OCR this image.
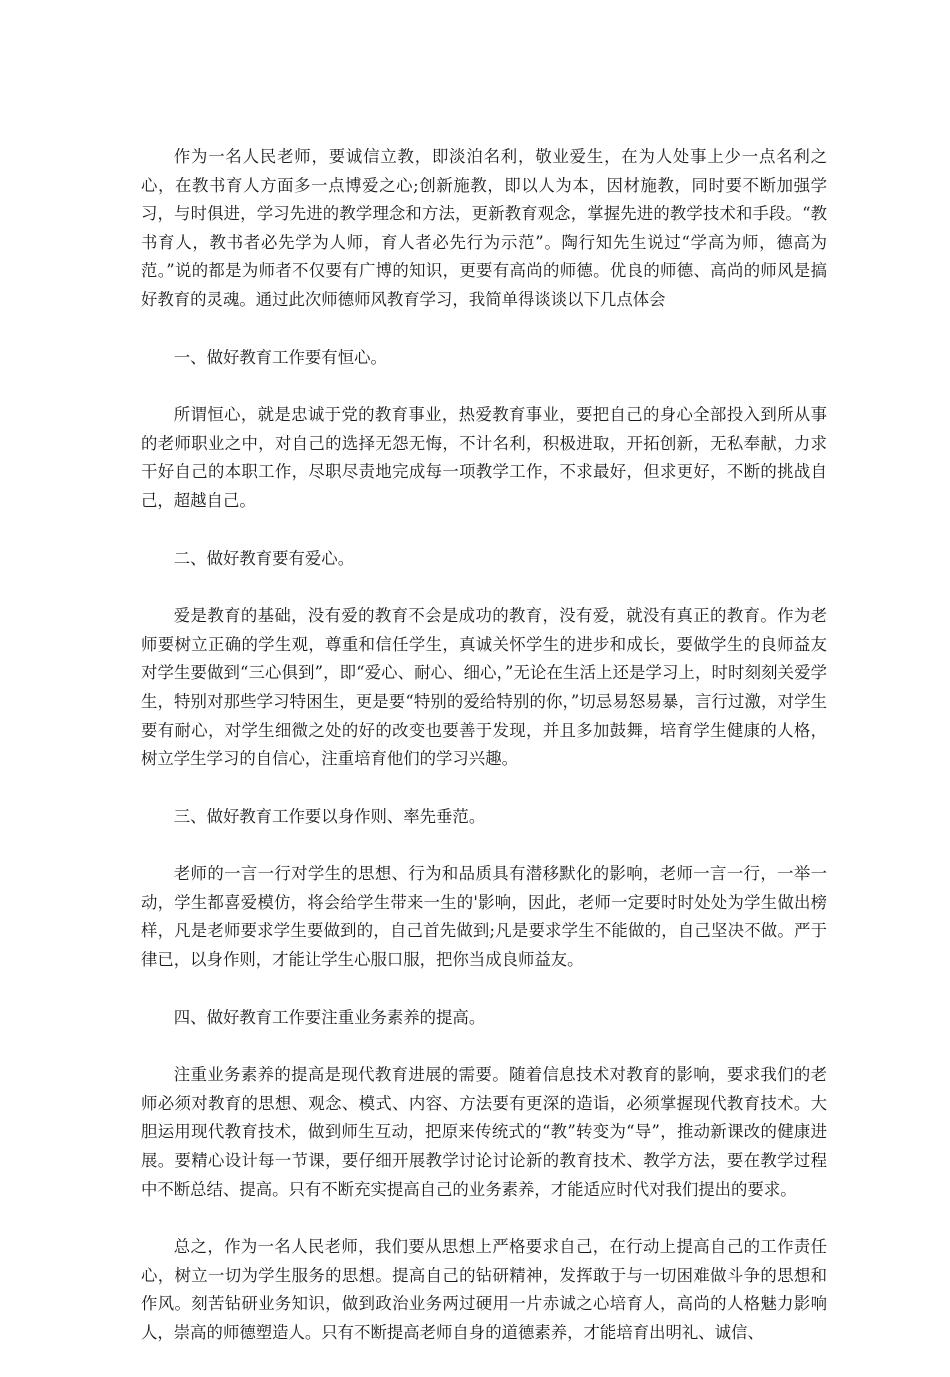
作为一名人民老师，要诚信立教，即淡泊名利，敬业爱生，在为人处事上少一点名利之心，在教书育人方面多一点博爱之心;创新施教，即以人为本，因材施教，同时要不断加强学习，与时俱进，学习先进的教学理念和方法，更新教育观念，掌握先进的教学技术和手段。“教书育人，教书者必先学为人师，育人者必先行为示范”。陶行知先生说过“学高为师，德高为范。”说的都是为师者不仅要有广博的知识，更要有高尚的师德。优良的师德、高尚的师风是搞好教育的灵魂。通过此次师德师风教育学习，我简单得谈谈以下几点体会

一、做好教育工作要有恒心。

所谓恒心，就是忠诚于党的教育事业，热爱教育事业，要把自己的身心全部投入到所从事的老师职业之中，对自己的选择无怨无悔，不计名利，积极进取，开拓创新，无私奉献，力求干好自己的本职工作，尽职尽责地完成每一项教学工作，不求最好，但求更好，不断的挑战自己，超越自己。

二、做好教育要有爱心。

爱是教育的基础，没有爱的教育不会是成功的教育，没有爱，就没有真正的教育。作为老师要树立正确的学生观，尊重和信任学生，真诚关怀学生的进步和成长，要做学生的良师益友对学生要做到“三心俱到”，即“爱心、耐心、细心，”无论在生活上还是学习上，时时刻刻关爱学生，特别对那些学习特困生，更是要“特别的爱给特别的你，”切忌易怒易暴，言行过激，对学生要有耐心，对学生细微之处的好的改变也要善于发现，并且多加鼓舞，培育学生健康的人格，树立学生学习的自信心，注重培育他们的学习兴趣。

三、做好教育工作要以身作则、率先垂范。

老师的一言一行对学生的思想、行为和品质具有潜移默化的影响，老师一言一行，一举一动，学生都喜爱模仿，将会给学生带来一生的'影响，因此，老师一定要时时处处为学生做出榜样，凡是老师要求学生要做到的，自己首先做到;凡是要求学生不能做的，自己坚决不做。严于律已，以身作则，才能让学生心服口服，把你当成良师益友。

四、做好教育工作要注重业务素养的提高。

注重业务素养的提高是现代教育进展的需要。随着信息技术对教育的影响，要求我们的老师必须对教育的思想、观念、模式、内容、方法要有更深的造诣，必须掌握现代教育技术。大胆运用现代教育技术，做到师生互动，把原来传统式的“教”转变为“导”，推动新课改的健康进展。要精心设计每一节课，要仔细开展教学讨论讨论新的教育技术、教学方法，要在教学过程中不断总结、提高。只有不断充实提高自己的业务素养，才能适应时代对我们提出的要求。

总之，作为一名人民老师，我们要从思想上严格要求自己，在行动上提高自己的工作责任心，树立一切为学生服务的思想。提高自己的钻研精神，发挥敢于与一切困难做斗争的思想和作风。刻苦钻研业务知识，做到政治业务两过硬用一片赤诚之心培育人，高尚的人格魅力影响人，崇高的师德塑造人。只有不断提高老师自身的道德素养，才能培育出明礼、诚信、
